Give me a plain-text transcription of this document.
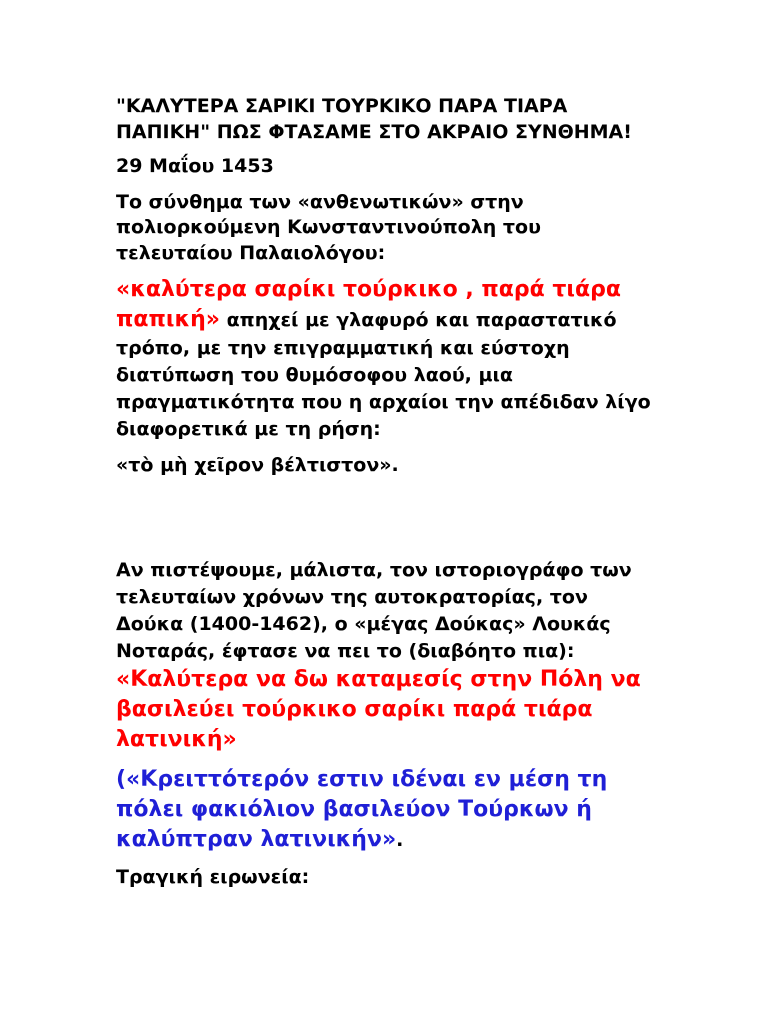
"ΚΑΛΥΤΕΡΑ ΣΑΡΙΚΙ ΤΟΥΡΚΙΚΟ ΠΑΡΑ ΤΙΑΡΑ ΠΑΠΙΚΗ" ΠΩΣ ΦΤΑΣΑΜΕ ΣΤΟ ΑΚΡΑΙΟ ΣΥΝΘΗΜΑ!

29 Μαΐου 1453

Το σύνθημα των «ανθενωτικών» στην πολιορκούμενη Κωνσταντινούπολη του τελευταίου Παλαιολόγου:

«καλύτερα σαρίκι τούρκικο , παρά τιάρα παπική» απηχεί με γλαφυρό και παραστατικό τρόπο, με την επιγραμματική και εύστοχη διατύπωση του θυμόσοφου λαού, μια πραγματικότητα που η αρχαίοι την απέδιδαν λίγο διαφορετικά με τη ρήση:

«τὸ μὴ χεῖρον βέλτιστον».

Αν πιστέψουμε, μάλιστα, τον ιστοριογράφο των τελευταίων χρόνων της αυτοκρατορίας, τον Δούκα (1400-1462), ο «μέγας Δούκας» Λουκάς Νοταράς, έφτασε να πει το (διαβόητο πια): «Καλύτερα να δω καταμεσίς στην Πόλη να βασιλεύει τούρκικο σαρίκι παρά τιάρα λατινική»

(«Κρειττότερόν εστιν ιδέναι εν μέση τη πόλει φακιόλιον βασιλεύον Τούρκων ή καλύπτραν λατινικήν».

Τραγική ειρωνεία:
